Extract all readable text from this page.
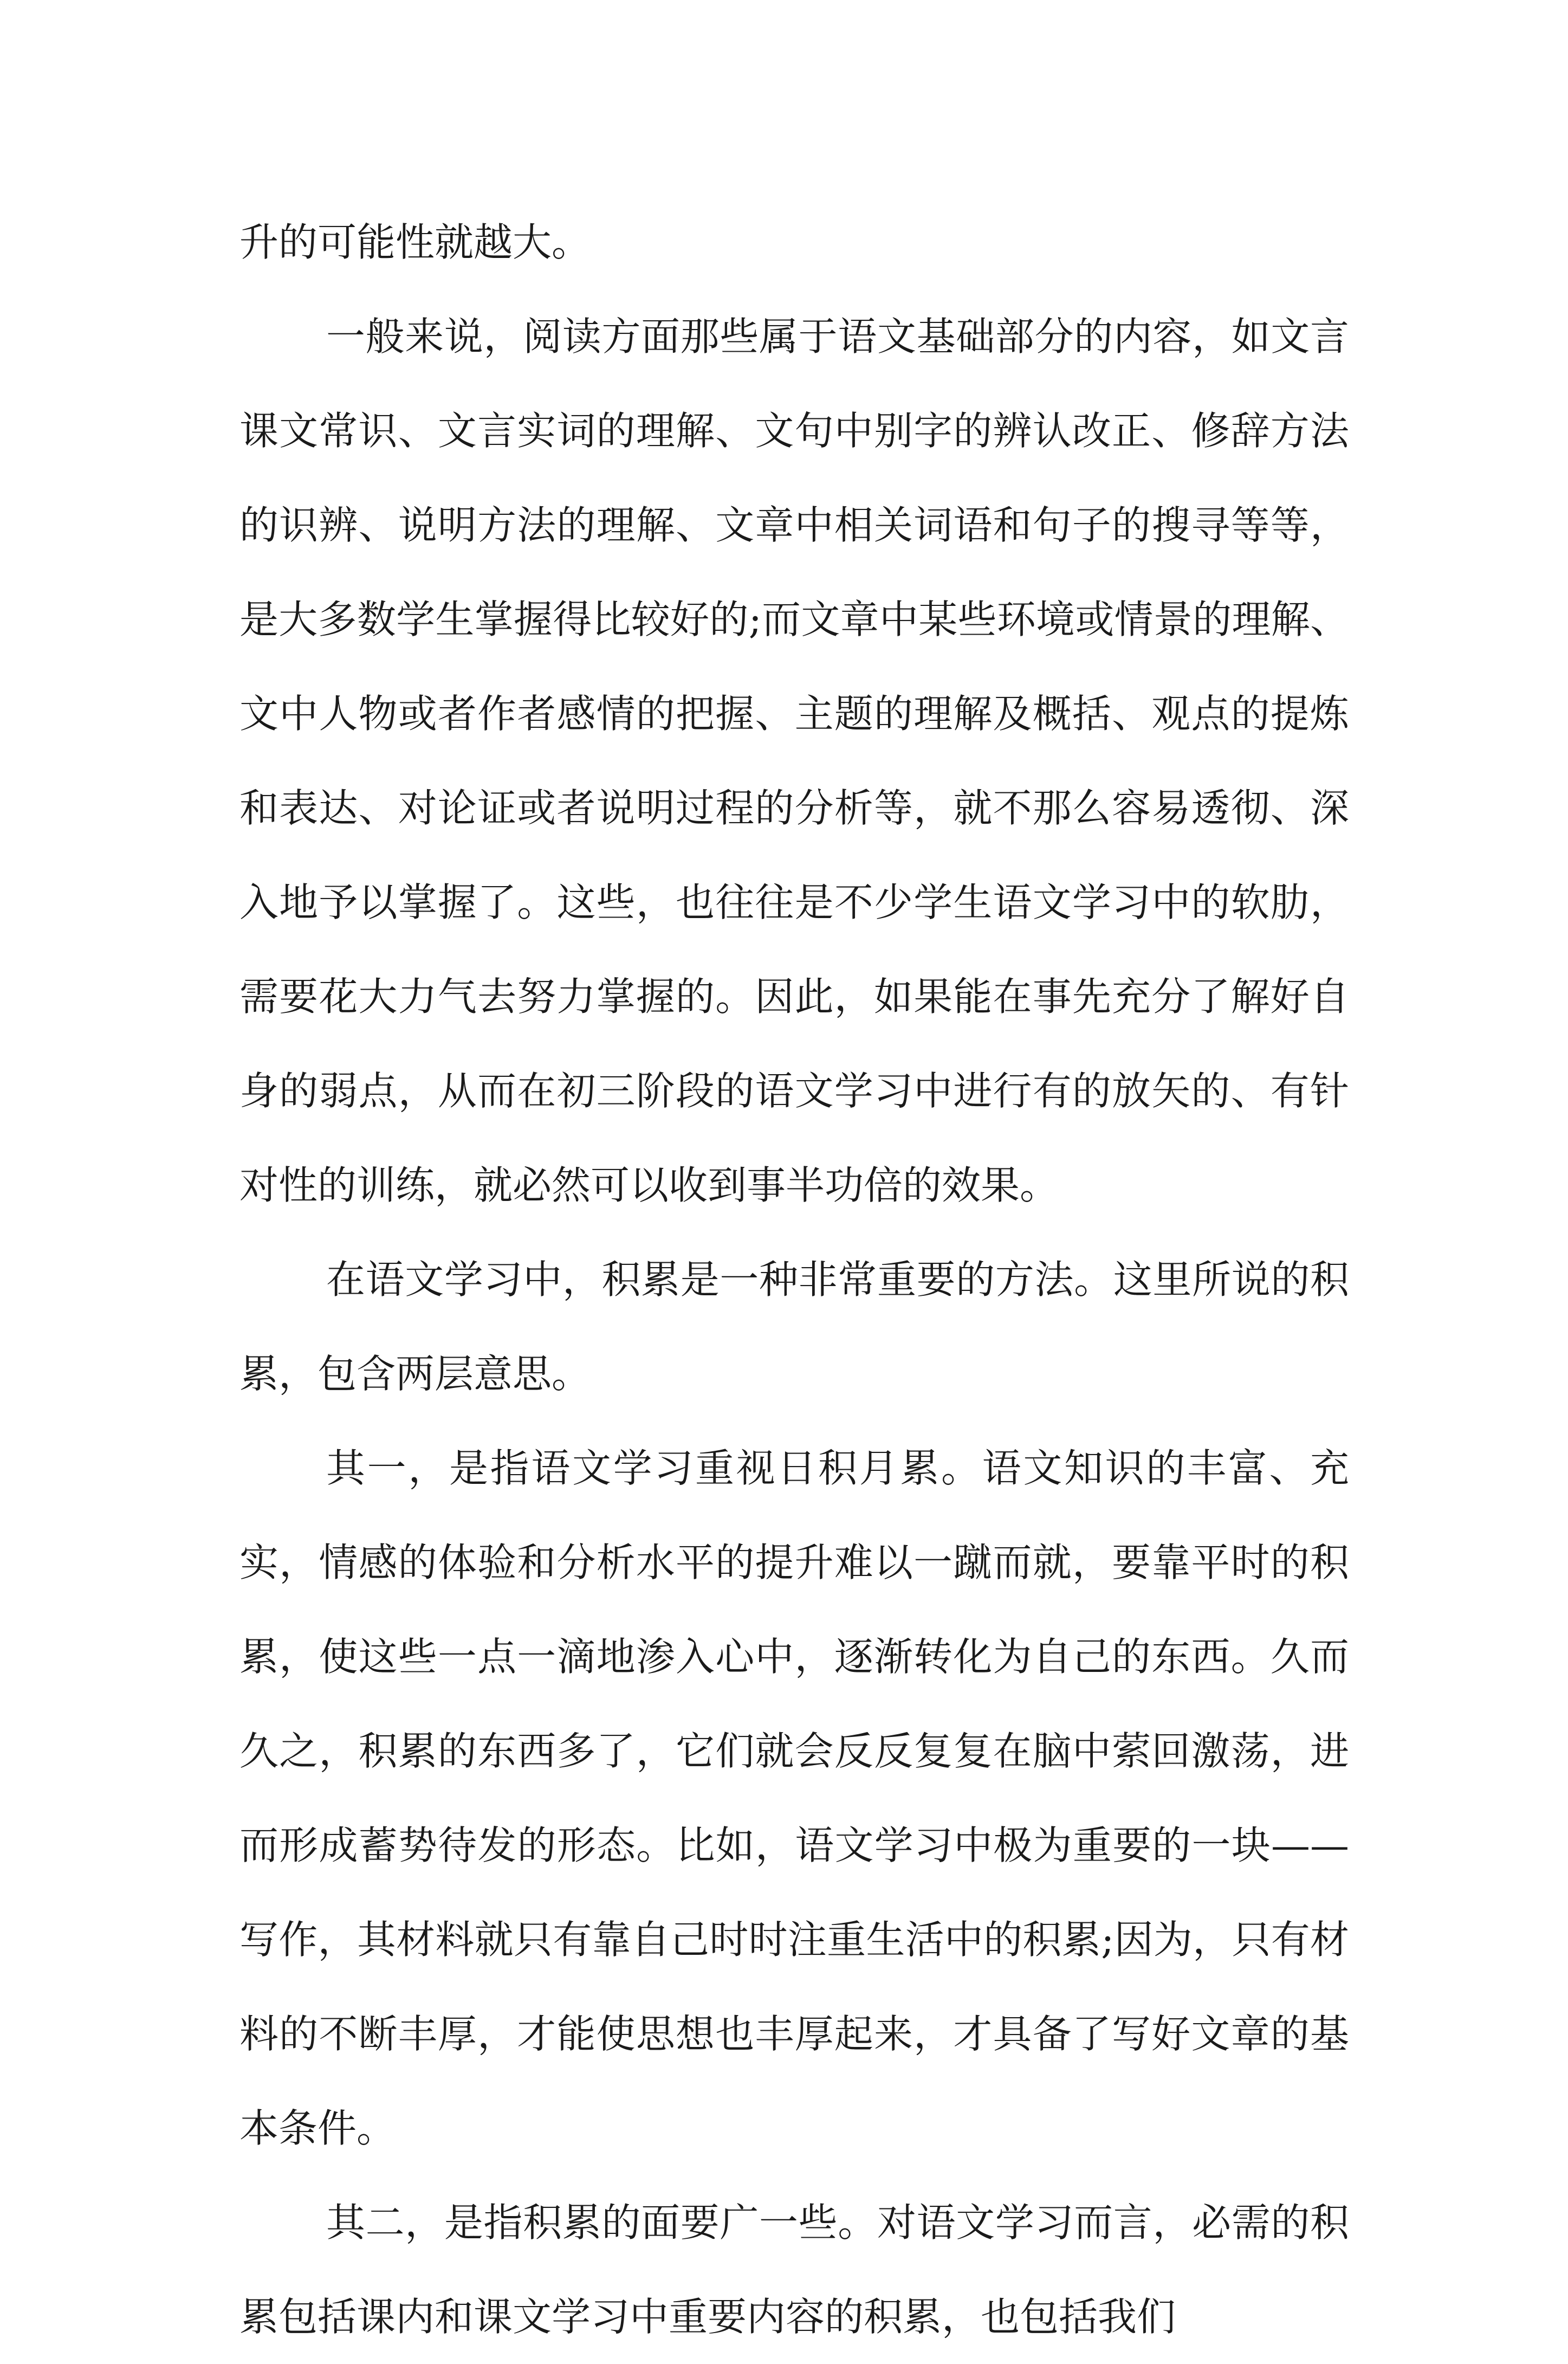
升的可能性就越大。

一般来说，阅读方面那些属于语文基础部分的内容，如文言课文常识、文言实词的理解、文句中别字的辨认改正、修辞方法的识辨、说明方法的理解、文章中相关词语和句子的搜寻等等，是大多数学生掌握得比较好的;而文章中某些环境或情景的理解、文中人物或者作者感情的把握、主题的理解及概括、观点的提炼和表达、对论证或者说明过程的分析等，就不那么容易透彻、深入地予以掌握了。这些，也往往是不少学生语文学习中的软肋，需要花大力气去努力掌握的。因此，如果能在事先充分了解好自身的弱点，从而在初三阶段的语文学习中进行有的放矢的、有针对性的训练，就必然可以收到事半功倍的效果。

在语文学习中，积累是一种非常重要的方法。这里所说的积累，包含两层意思。

其一，是指语文学习重视日积月累。语文知识的丰富、充实，情感的体验和分析水平的提升难以一蹴而就，要靠平时的积累，使这些一点一滴地渗入心中，逐渐转化为自己的东西。久而久之，积累的东西多了，它们就会反反复复在脑中萦回激荡，进而形成蓄势待发的形态。比如，语文学习中极为重要的一块——写作，其材料就只有靠自己时时注重生活中的积累;因为，只有材料的不断丰厚，才能使思想也丰厚起来，才具备了写好文章的基本条件。

其二，是指积累的面要广一些。对语文学习而言，必需的积累包括课内和课文学习中重要内容的积累，也包括我们
